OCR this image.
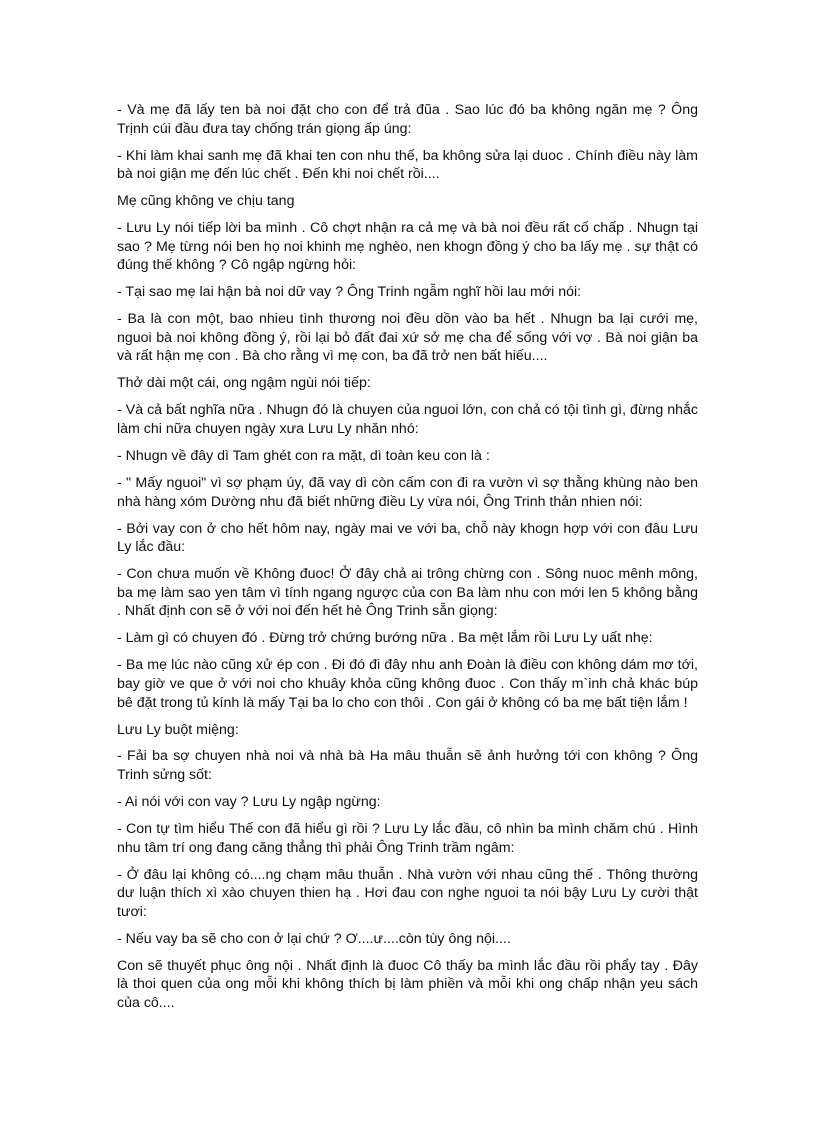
- Và mẹ đã lấy ten bà noi đặt cho con để trả đũa . Sao lúc đó ba không ngăn mẹ ? Ông Trịnh cúi đầu đưa tay chống trán giọng ấp úng:

- Khi làm khai sanh mẹ đã khai ten con nhu thế, ba không sửa lại duoc . Chính điều này làm bà noi giận mẹ đến lúc chết . Đến khi noi chết rồi....

Mẹ cũng không ve chịu tang

- Lưu Ly nói tiếp lời ba mình . Cô chợt nhận ra cả mẹ và bà noi đều rất cố chấp . Nhugn tại sao ? Mẹ từng nói ben họ noi khinh mẹ nghèo, nen khogn đồng ý cho ba lấy mẹ . sự thật có đúng thế không ? Cô ngập ngừng hỏi:

- Tại sao mẹ lai hận bà noi dữ vay ? Ông Trinh ngẫm nghĩ hồi lau mới nói:

- Ba là con một, bao nhieu tình thương noi đều dồn vào ba hết . Nhugn ba lại cưới mẹ, nguoi bà noi không đồng ý, rồi lại bỏ đất đai xứ sở mẹ cha để sống với vợ . Bà noi giận ba và rất hận mẹ con . Bà cho rằng vì mẹ con, ba đã trở nen bất hiếu....

Thở dài một cái, ong ngậm ngùi nói tiếp:

- Và cả bất nghĩa nữa . Nhugn đó là chuyen của nguoi lớn, con chả có tội tình gì, đừng nhắc làm chi nữa chuyen ngày xưa Lưu Ly nhăn nhó:

- Nhugn về đây dì Tam ghét con ra mặt, dì toàn keu con là :

- " Mấy nguoi" vì sợ phạm úy, đã vay dì còn cấm con đi ra vườn vì sợ thằng khùng nào ben nhà hàng xóm Dường nhu đã biết những điều Ly vừa nói, Ông Trinh thản nhien nói:

- Bởi vay con ở cho hết hôm nay, ngày mai ve với ba, chỗ này khogn hợp với con đâu Lưu Ly lắc đầu:

- Con chưa muốn về Không đuoc! Ở đây chả ai trông chừng con . Sông nuoc mênh mông, ba mẹ làm sao yen tâm vì tính ngang ngược của con Ba làm nhu con mới len 5 không bằng . Nhất định con sẽ ở với noi đến hết hè Ông Trinh sẵn giọng:

- Làm gì có chuyen đó . Đừng trở chứng bướng nữa . Ba mệt lắm rồi Lưu Ly uất nhẹ:

- Ba mẹ lúc nào cũng xử ép con . Đi đó đi đây nhu anh Đoàn là điều con không dám mơ tới, bay giờ ve que ở với noi cho khuây khỏa cũng không đuoc . Con thấy m`inh chả khác búp bê đặt trong tủ kính là mấy Tại ba lo cho con thôi . Con gái ở không có ba mẹ bất tiện lắm !

Lưu Ly buột miệng:

- Fải ba sợ chuyen nhà noi và nhà bà Ha mâu thuẫn sẽ ảnh hưởng tới con không ? Ông Trinh sửng sốt:

- Ai nói với con vay ? Lưu Ly ngập ngừng:

- Con tự tìm hiểu Thế con đã hiểu gì rồi ? Lưu Ly lắc đầu, cô nhìn ba mình chăm chú . Hình nhu tâm trí ong đang căng thẳng thì phải Ông Trinh trầm ngâm:

- Ở đâu lại không có....ng chạm mâu thuẫn . Nhà vườn với nhau cũng thế . Thông thường dư luận thích xì xào chuyen thien hạ . Hơi đau con nghe nguoi ta nói bậy Lưu Ly cười thật tươi:

- Nếu vay ba sẽ cho con ở lại chứ ? Ơ....ư....còn tùy ông nội....

Con sẽ thuyết phục ông nội . Nhất định là đuoc Cô thấy ba mình lắc đầu rồi phẩy tay . Đây là thoi quen của ong mỗi khi không thích bị làm phiền và mỗi khi ong chấp nhận yeu sách của cô....
